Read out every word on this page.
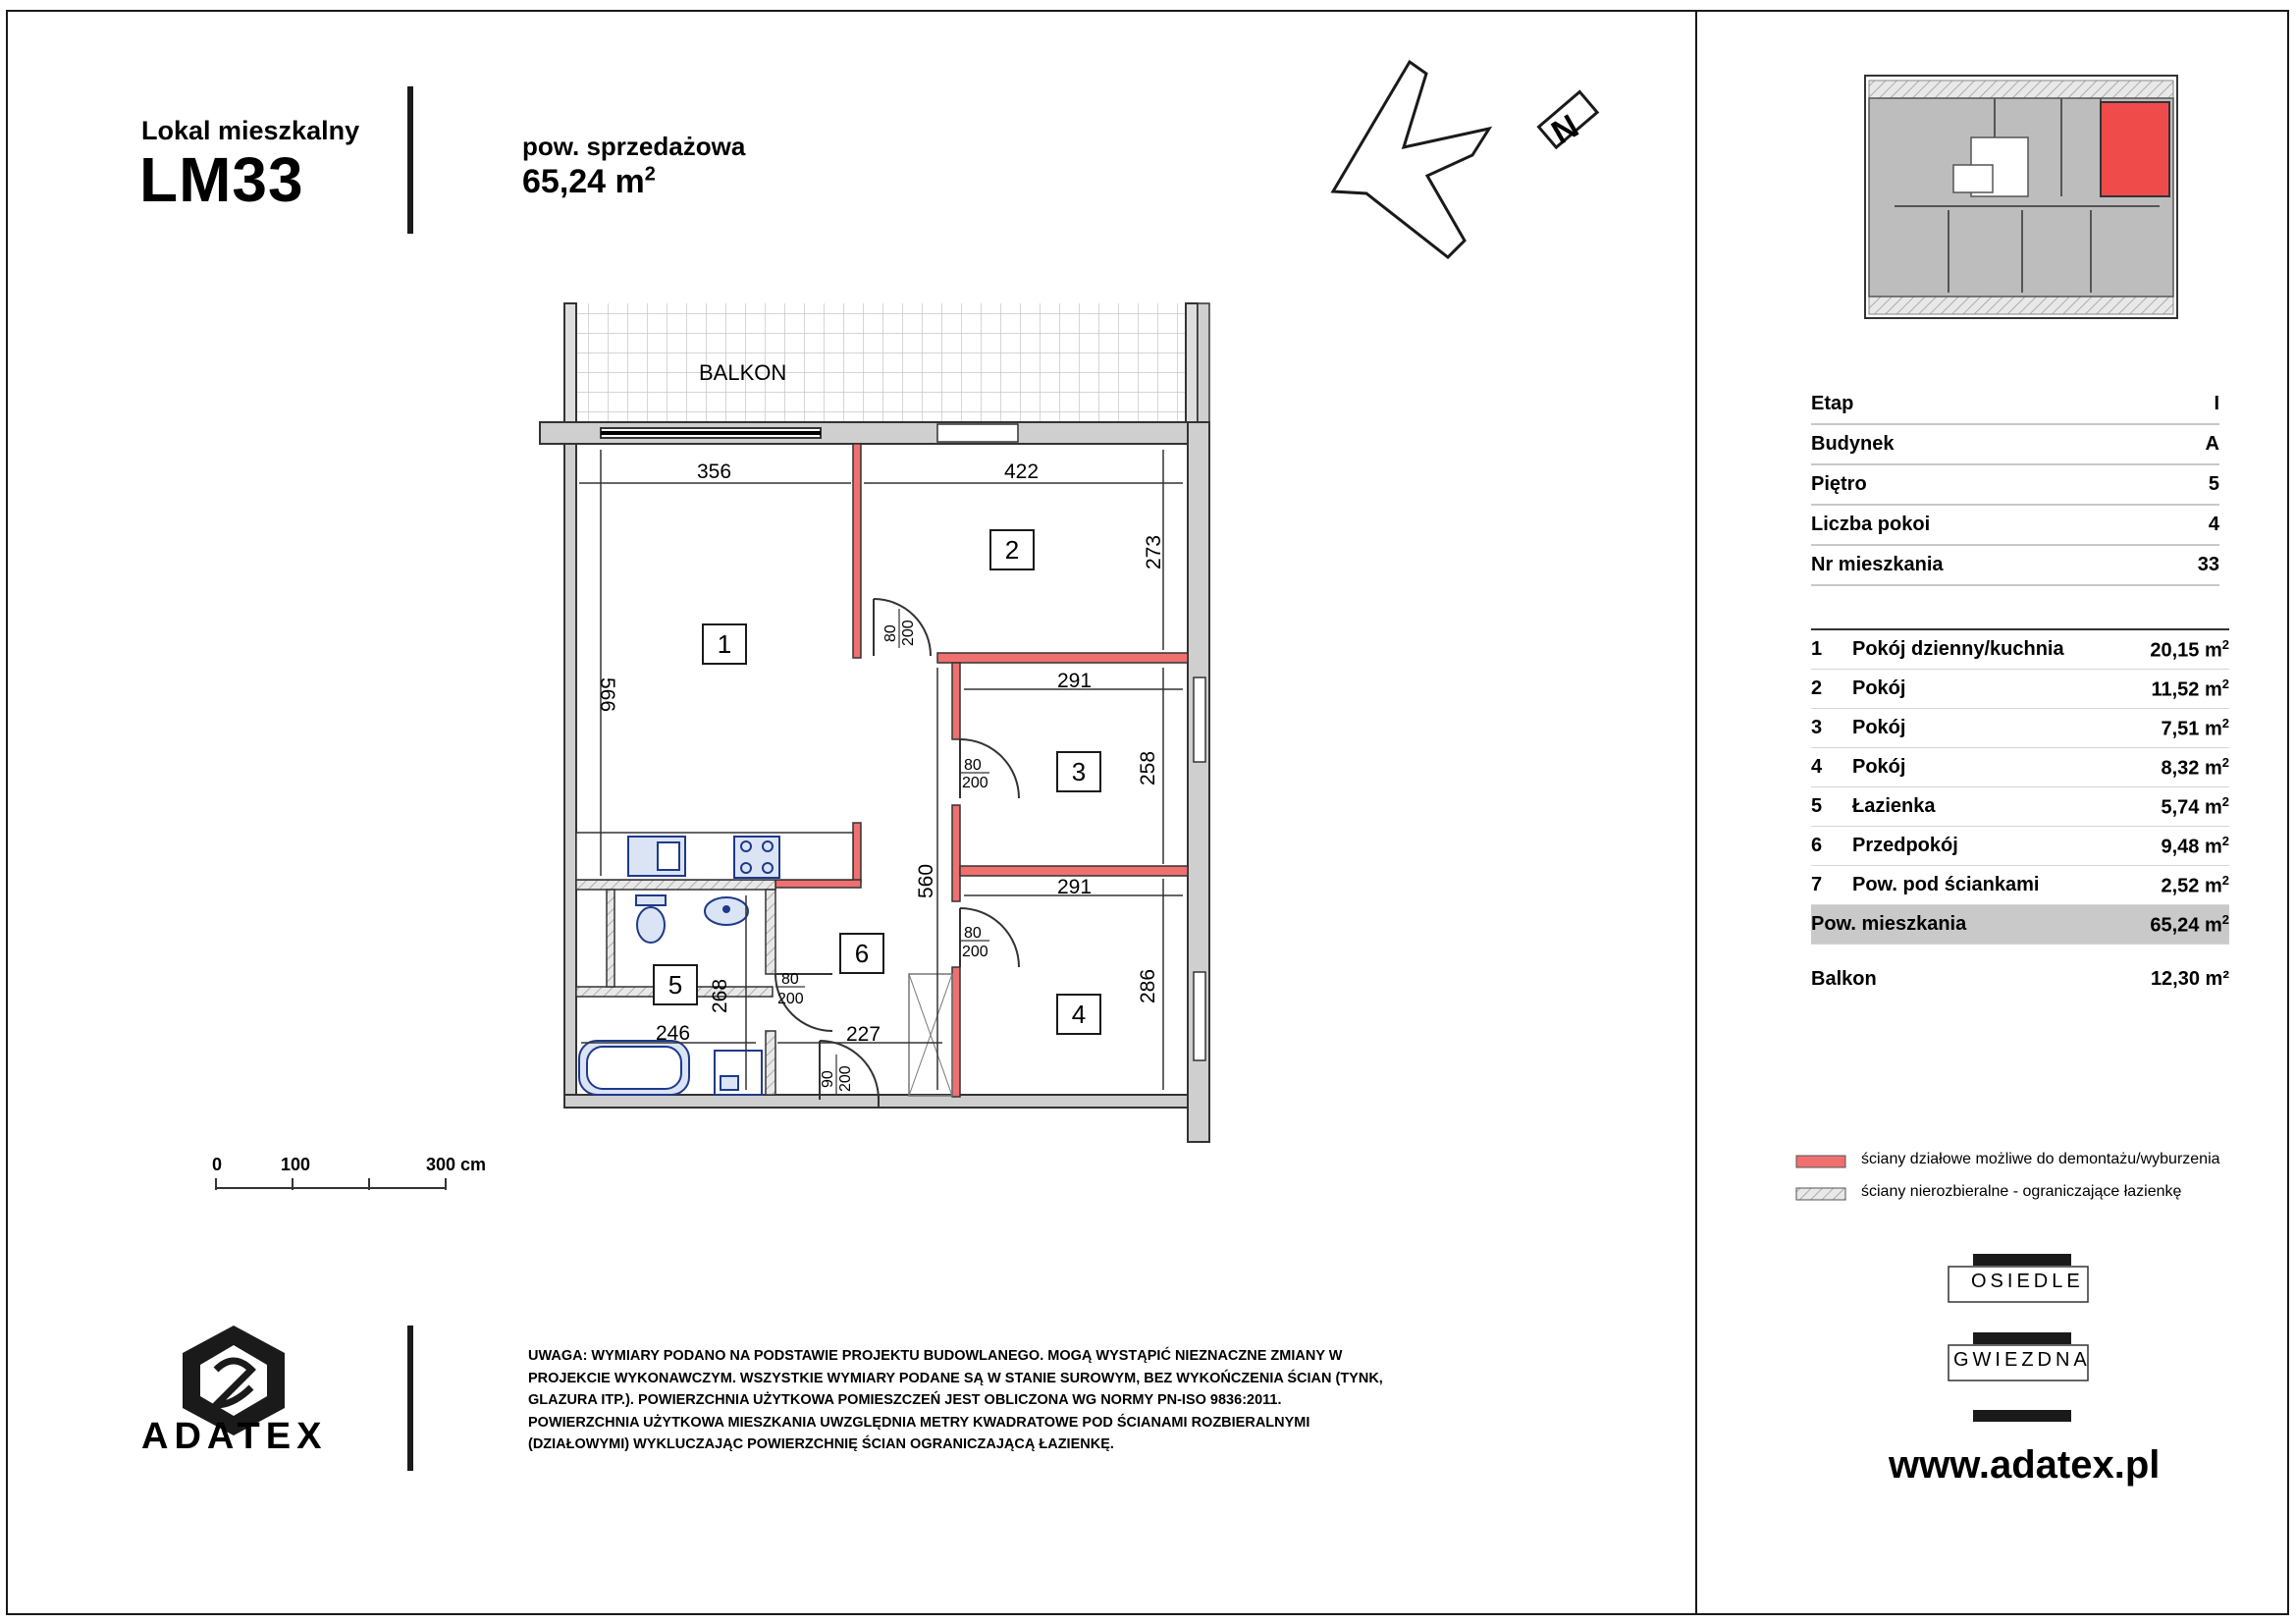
Lokal mieszkalny
LM33	pow. sprzedażowa
65,24 $m^2$
N
BALKON
356	422
566
273
291
258
291
286
560
268
246	227
80 200
80
200
80
200
80
200
90 200
1
2
3
4
5
6
0	100	300 cm
Etap	I
Budynek	A
Piętro	5
Liczba pokoi	4
Nr mieszkania	33
1	Pokój dzienny/kuchnia	20,15 $m^2$
2	Pokój	11,52 $m^2$
3	Pokój	7,51 $m^2$
4	Pokój	8,32 $m^2$
5	Łazienka	5,74 $m^2$
6	Przedpokój	9,48 $m^2$
7	Pow. pod ściankami	2,52 $m^2$
Pow. mieszkania		65,24 $m^2$
Balkon	12,30 m²
ściany działowe możliwe do demontażu/wyburzenia
ściany nierozbieralne - ograniczające łazienkę
UWAGA: WYMIARY PODANO NA PODSTAWIE PROJEKTU BUDOWLANEGO. MOGĄ WYSTĄPIĆ NIEZNACZNE ZMIANY W PROJEKCIE WYKONAWCZYM. WSZYSTKIE WYMIARY PODANE SĄ W STANIE SUROWYM, BEZ WYKOŃCZENIA ŚCIAN (TYNK, GLAZURA ITP.). POWIERZCHNIA UŻYTKOWA POMIESZCZEŃ JEST OBLICZONA WG NORMY PN-ISO 9836:2011. POWIERZCHNIA UŻYTKOWA MIESZKANIA UWZGLĘDNIA METRY KWADRATOWE POD ŚCIANAMI ROZBIERALNYMI (DZIAŁOWYMI) WYKLUCZAJĄC POWIERZCHNIĘ ŚCIAN OGRANICZAJĄCĄ ŁAZIENKĘ.
ADATEX
OSIEDLE
GWIEZDNA
www.adatex.pl
